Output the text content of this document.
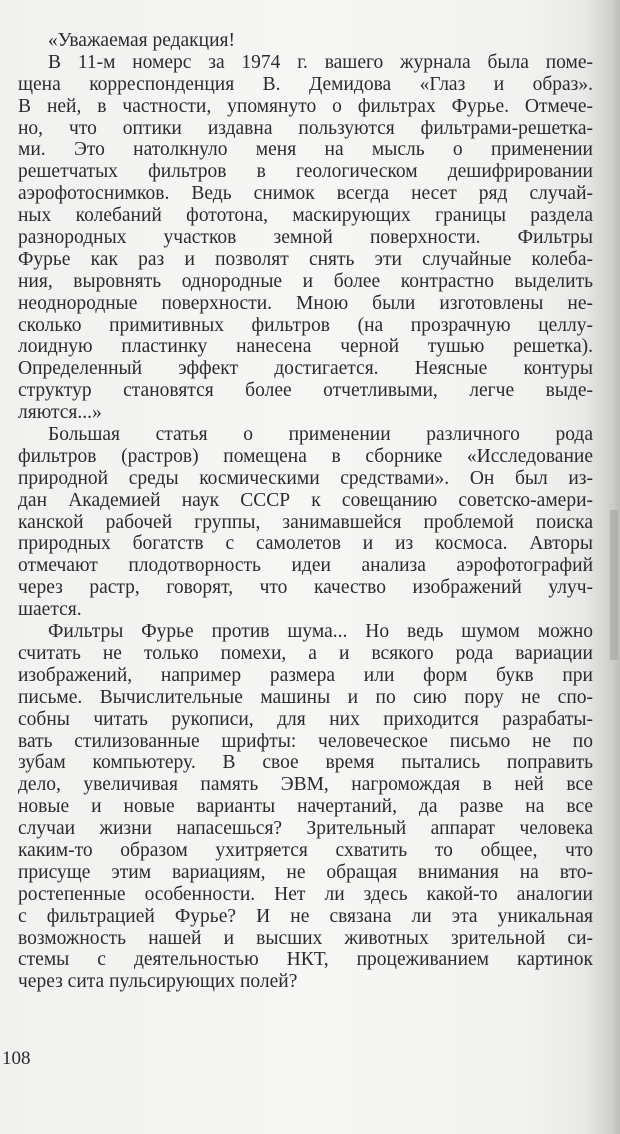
«Уважаемая редакция!
В 11-м номерс за 1974 г. вашего журнала была поме-
щена корреспонденция В. Демидова «Глаз и образ».
В ней, в частности, упомянуто о фильтрах Фурье. Отмече-
но, что оптики издавна пользуются фильтрами-решетка-
ми. Это натолкнуло меня на мысль о применении
решетчатых фильтров в геологическом дешифрировании
аэрофотоснимков. Ведь снимок всегда несет ряд случай-
ных колебаний фототона, маскирующих границы раздела
разнородных участков земной поверхности. Фильтры
Фурье как раз и позволят снять эти случайные колеба-
ния, выровнять однородные и более контрастно выделить
неоднородные поверхности. Мною были изготовлены не-
сколько примитивных фильтров (на прозрачную целлу-
лоидную пластинку нанесена черной тушью решетка).
Определенный эффект достигается. Неясные контуры
структур становятся более отчетливыми, легче выде-
ляются...»
Большая статья о применении различного рода
фильтров (растров) помещена в сборнике «Исследование
природной среды космическими средствами». Он был из-
дан Академией наук СССР к совещанию советско-амери-
канской рабочей группы, занимавшейся проблемой поиска
природных богатств с самолетов и из космоса. Авторы
отмечают плодотворность идеи анализа аэрофотографий
через растр, говорят, что качество изображений улуч-
шается.
Фильтры Фурье против шума... Но ведь шумом можно
считать не только помехи, а и всякого рода вариации
изображений, например размера или форм букв при
письме. Вычислительные машины и по сию пору не спо-
собны читать рукописи, для них приходится разрабаты-
вать стилизованные шрифты: человеческое письмо не по
зубам компьютеру. В свое время пытались поправить
дело, увеличивая память ЭВМ, нагромождая в ней все
новые и новые варианты начертаний, да разве на все
случаи жизни напасешься? Зрительный аппарат человека
каким-то образом ухитряется схватить то общее, что
присуще этим вариациям, не обращая внимания на вто-
ростепенные особенности. Нет ли здесь какой-то аналогии
с фильтрацией Фурье? И не связана ли эта уникальная
возможность нашей и высших животных зрительной си-
стемы с деятельностью НКТ, процеживанием картинок
через сита пульсирующих полей?
108
